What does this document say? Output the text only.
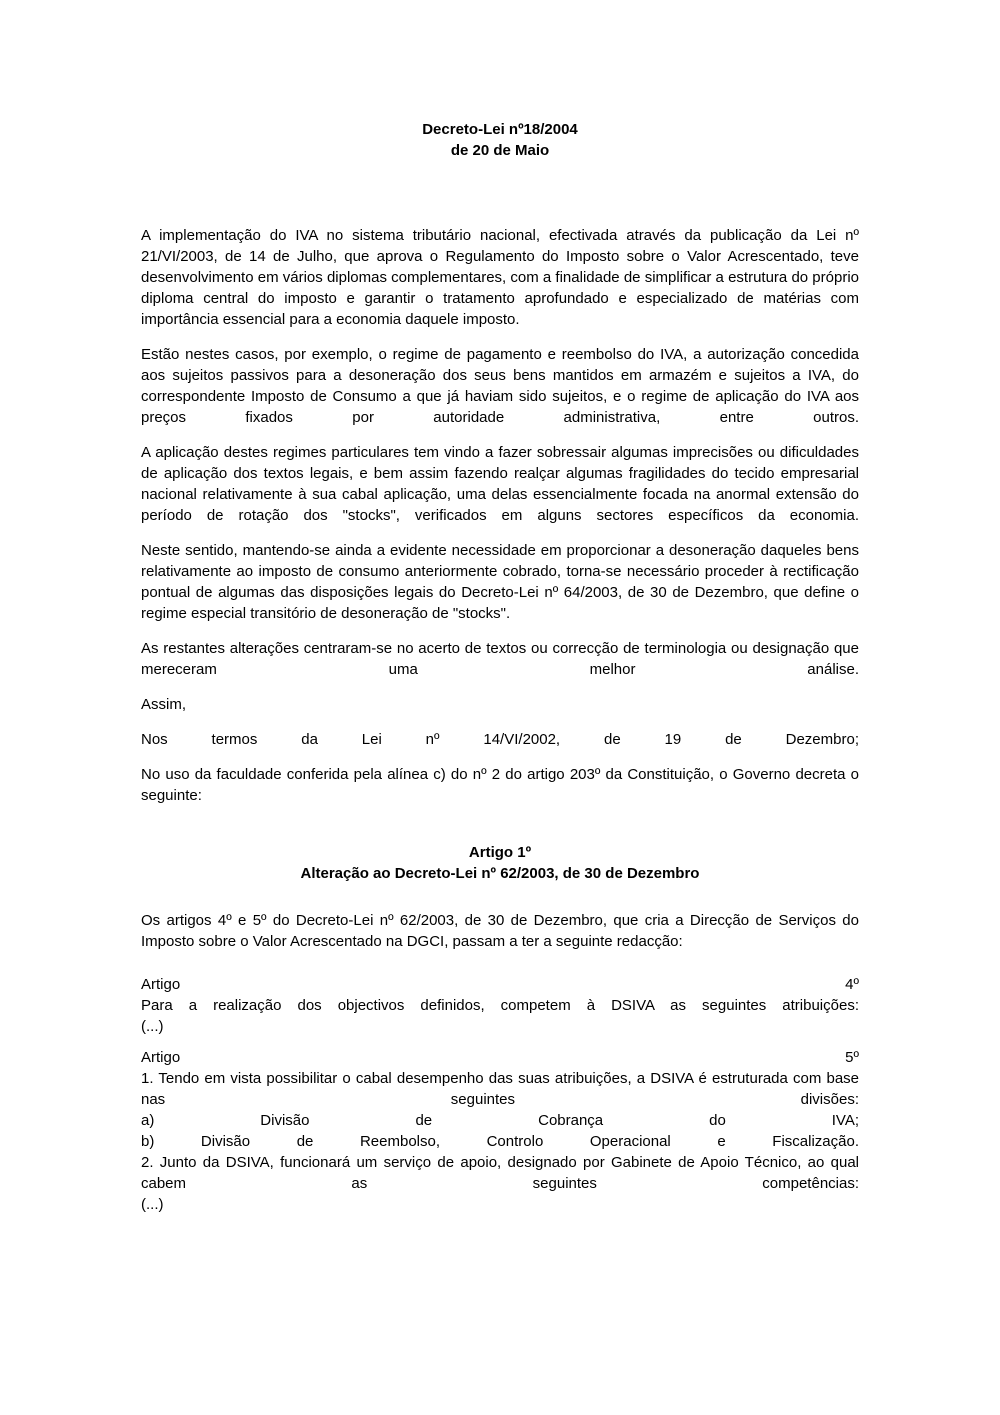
Decreto-Lei nº18/2004
de 20 de Maio

A implementação do IVA no sistema tributário nacional, efectivada através da publicação da Lei nº 21/VI/2003, de 14 de Julho, que aprova o Regulamento do Imposto sobre o Valor Acrescentado, teve desenvolvimento em vários diplomas complementares, com a finalidade de simplificar a estrutura do próprio diploma central do imposto e garantir o tratamento aprofundado e especializado de matérias com importância essencial para a economia daquele imposto.

Estão nestes casos, por exemplo, o regime de pagamento e reembolso do IVA, a autorização concedida aos sujeitos passivos para a desoneração dos seus bens mantidos em armazém e sujeitos a IVA, do correspondente Imposto de Consumo a que já haviam sido sujeitos, e o regime de aplicação do IVA aos preços fixados por autoridade administrativa, entre outros.

A aplicação destes regimes particulares tem vindo a fazer sobressair algumas imprecisões ou dificuldades de aplicação dos textos legais, e bem assim fazendo realçar algumas fragilidades do tecido empresarial nacional relativamente à sua cabal aplicação, uma delas essencialmente focada na anormal extensão do período de rotação dos "stocks", verificados em alguns sectores específicos da economia.

Neste sentido, mantendo-se ainda a evidente necessidade em proporcionar a desoneração daqueles bens relativamente ao imposto de consumo anteriormente cobrado, torna-se necessário proceder à rectificação pontual de algumas das disposições legais do Decreto-Lei nº 64/2003, de 30 de Dezembro, que define o regime especial transitório de desoneração de "stocks".

As restantes alterações centraram-se no acerto de textos ou correcção de terminologia ou designação que mereceram uma melhor análise.

Assim,

Nos termos da Lei nº 14/VI/2002, de 19 de Dezembro;

No uso da faculdade conferida pela alínea c) do nº 2 do artigo 203º da Constituição, o Governo decreta o seguinte:

Artigo 1º
Alteração ao Decreto-Lei nº 62/2003, de 30 de Dezembro

Os artigos 4º e 5º do Decreto-Lei nº 62/2003, de 30 de Dezembro, que cria a Direcção de Serviços do Imposto sobre o Valor Acrescentado na DGCI, passam a ter a seguinte redacção:

Artigo 4º
Para a realização dos objectivos definidos, competem à DSIVA as seguintes atribuições:
(...)

Artigo 5º
1. Tendo em vista possibilitar o cabal desempenho das suas atribuições, a DSIVA é estruturada com base nas seguintes divisões:
a) Divisão de Cobrança do IVA;
b) Divisão de Reembolso, Controlo Operacional e Fiscalização.
2. Junto da DSIVA, funcionará um serviço de apoio, designado por Gabinete de Apoio Técnico, ao qual cabem as seguintes competências:
(...)
